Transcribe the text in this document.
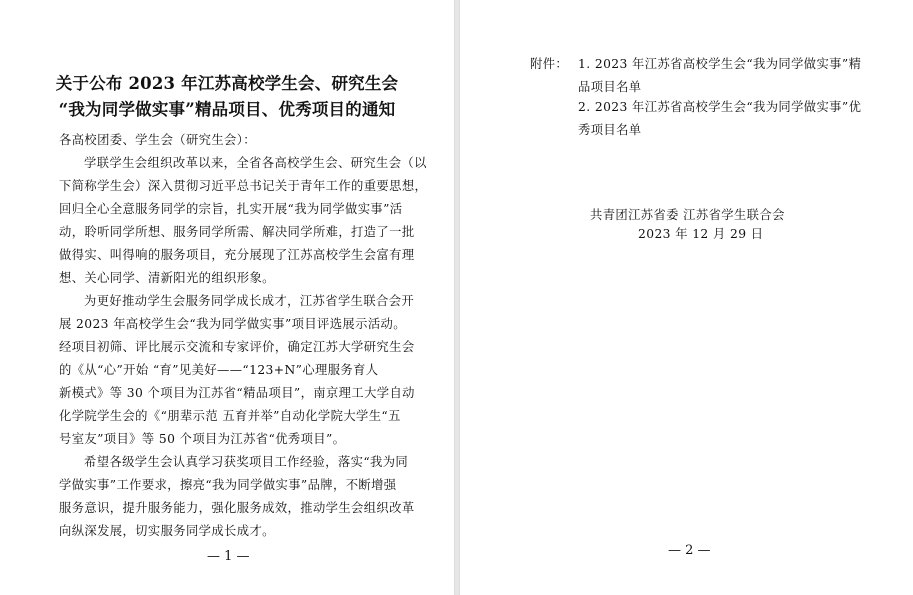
关于公布 2023 年江苏高校学生会、研究生会
“我为同学做实事”精品项目、优秀项目的通知
各高校团委、学生会（研究生会）：
学联学生会组织改革以来，全省各高校学生会、研究生会（以
下简称学生会）深入贯彻习近平总书记关于青年工作的重要思想，
回归全心全意服务同学的宗旨，扎实开展“我为同学做实事”活
动，聆听同学所想、服务同学所需、解决同学所难，打造了一批
做得实、叫得响的服务项目，充分展现了江苏高校学生会富有理
想、关心同学、清新阳光的组织形象。
为更好推动学生会服务同学成长成才，江苏省学生联合会开
展 2023 年高校学生会“我为同学做实事”项目评选展示活动。
经项目初筛、评比展示交流和专家评价，确定江苏大学研究生会
的《从“心”开始 “育”见美好——“123+N”心理服务育人
新模式》等 30 个项目为江苏省“精品项目”，南京理工大学自动
化学院学生会的《“朋辈示范 五育并举”自动化学院大学生“五
号室友”项目》等 50 个项目为江苏省“优秀项目”。
希望各级学生会认真学习获奖项目工作经验，落实“我为同
学做实事”工作要求，擦亮“我为同学做实事”品牌，不断增强
服务意识，提升服务能力，强化服务成效，推动学生会组织改革
向纵深发展，切实服务同学成长成才。
— 1 —
附件： 1. 2023 年江苏省高校学生会“我为同学做实事”精
品项目名单
2. 2023 年江苏省高校学生会“我为同学做实事”优
秀项目名单
共青团江苏省委 江苏省学生联合会
2023 年 12 月 29 日
— 2 —
